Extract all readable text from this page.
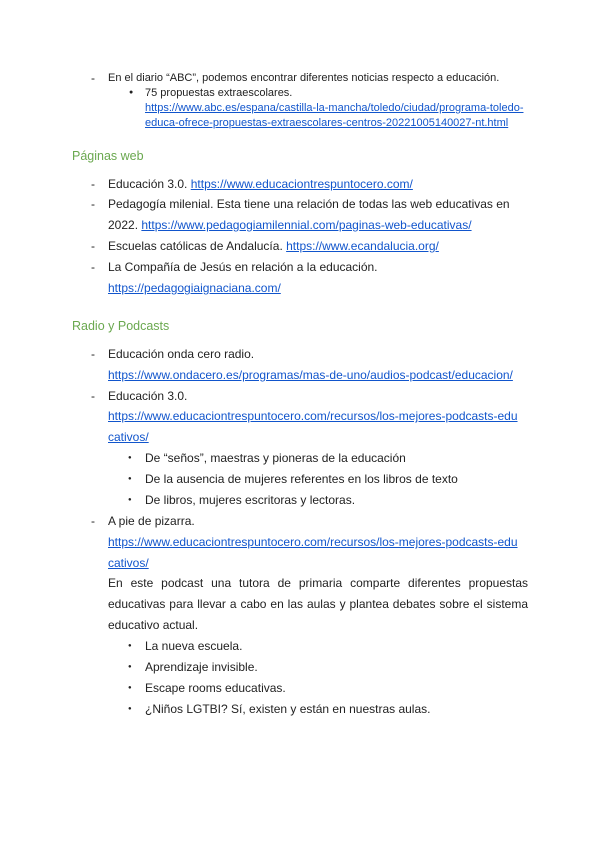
- En el diario “ABC”, podemos encontrar diferentes noticias respecto a educación.
● 75 propuestas extraescolares.
https://www.abc.es/espana/castilla-la-mancha/toledo/ciudad/programa-toledo-
educa-ofrece-propuestas-extraescolares-centros-20221005140027-nt.html
Páginas web
- Educación 3.0. https://www.educaciontrespuntocero.com/
- Pedagogía milenial. Esta tiene una relación de todas las web educativas en
2022. https://www.pedagogiamilennial.com/paginas-web-educativas/
- Escuelas católicas de Andalucía. https://www.ecandalucia.org/
- La Compañía de Jesús en relación a la educación.
https://pedagogiaignaciana.com/
Radio y Podcasts
- Educación onda cero radio.
https://www.ondacero.es/programas/mas-de-uno/audios-podcast/educacion/
- Educación 3.0.
https://www.educaciontrespuntocero.com/recursos/los-mejores-podcasts-edu
cativos/
● De “seños”, maestras y pioneras de la educación
● De la ausencia de mujeres referentes en los libros de texto
● De libros, mujeres escritoras y lectoras.
- A pie de pizarra.
https://www.educaciontrespuntocero.com/recursos/los-mejores-podcasts-edu
cativos/
En este podcast una tutora de primaria comparte diferentes propuestas
educativas para llevar a cabo en las aulas y plantea debates sobre el sistema
educativo actual.
● La nueva escuela.
● Aprendizaje invisible.
● Escape rooms educativas.
● ¿Niños LGTBI? Sí, existen y están en nuestras aulas.
